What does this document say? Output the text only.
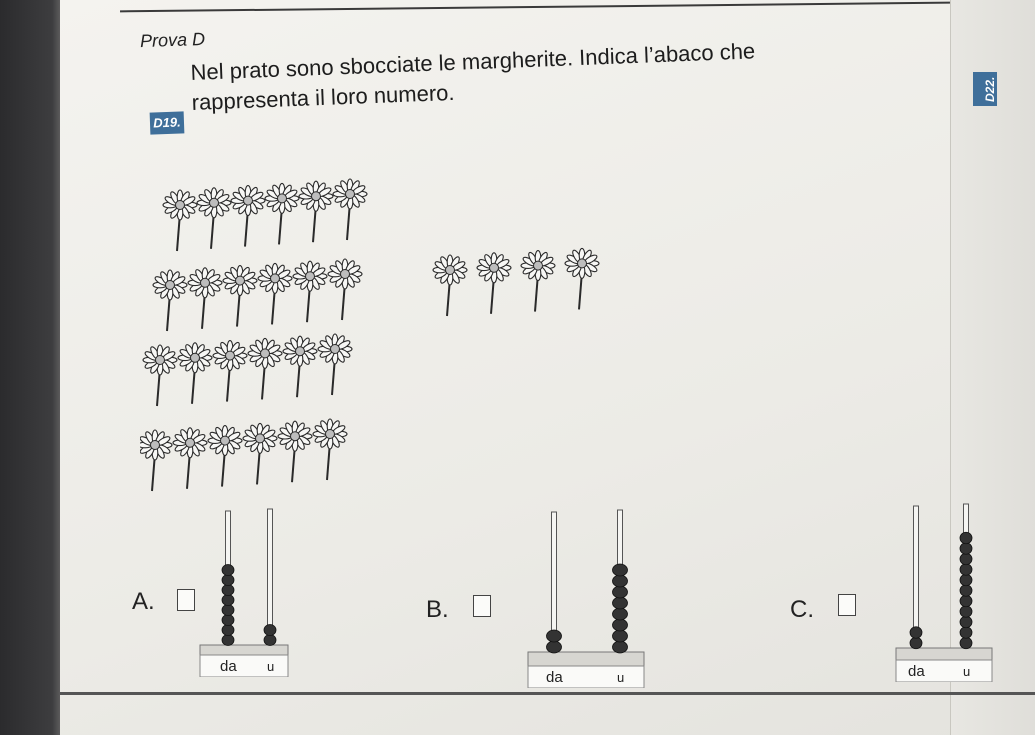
Prova D
Nel prato sono sbocciate le margherite. Indica l’abaco che
rappresenta il loro numero.
D19.
D22.
A.
da u
B.
da	u
C.
da	u
